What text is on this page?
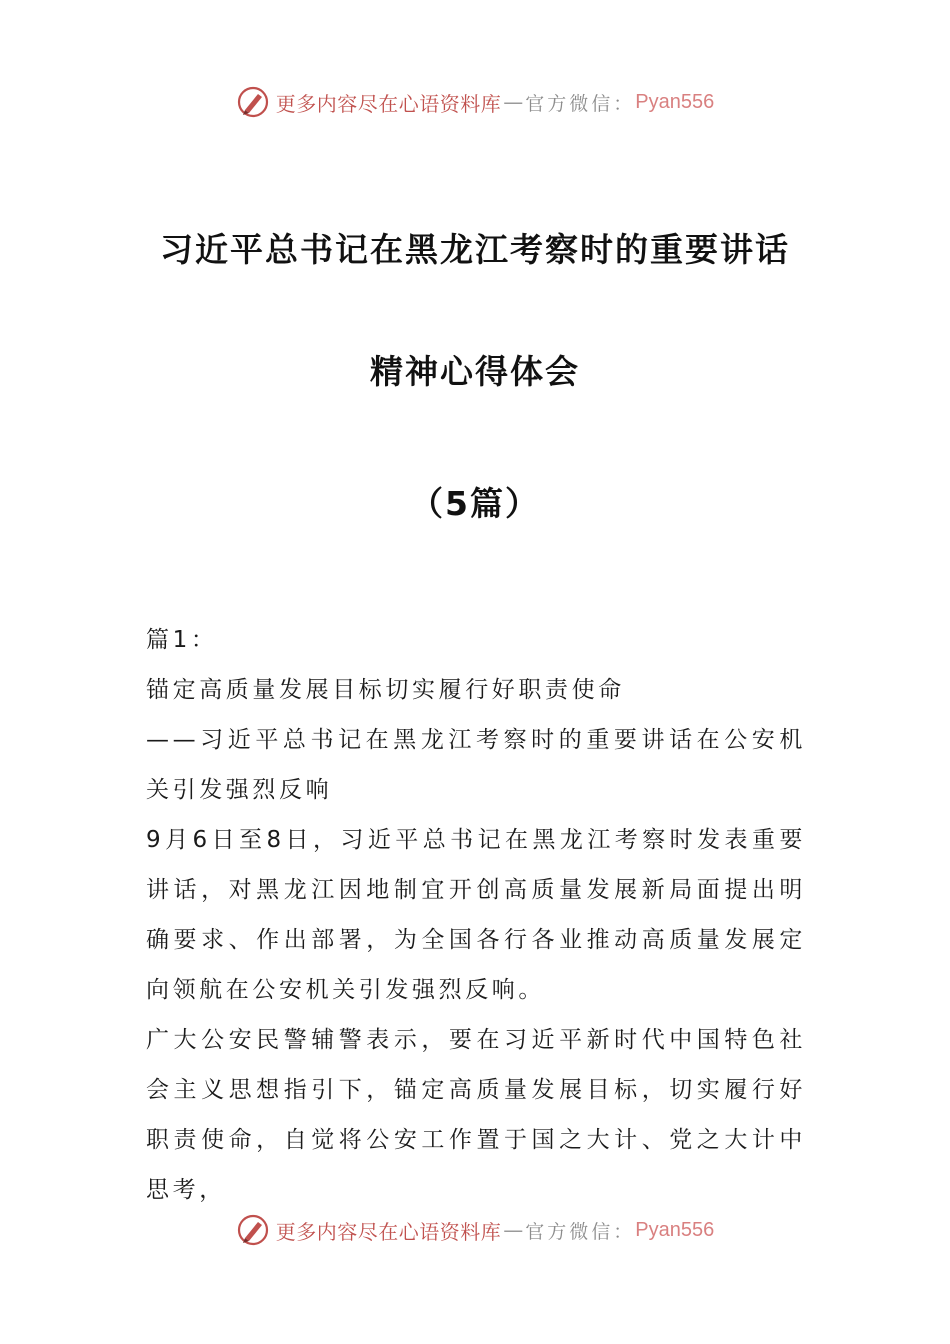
更多内容尽在心语资料库 — 官方微信： Pyan556
习近平总书记在黑龙江考察时的重要讲话
精神心得体会
（5篇）

篇1：

锚定高质量发展目标切实履行好职责使命

——习近平总书记在黑龙江考察时的重要讲话在公安机关引发强烈反响

9月6日至8日，习近平总书记在黑龙江考察时发表重要讲话，对黑龙江因地制宜开创高质量发展新局面提出明确要求、作出部署，为全国各行各业推动高质量发展定向领航在公安机关引发强烈反响。

广大公安民警辅警表示，要在习近平新时代中国特色社会主义思想指引下，锚定高质量发展目标，切实履行好职责使命，自觉将公安工作置于国之大计、党之大计中思考，

更多内容尽在心语资料库 — 官方微信： Pyan556
